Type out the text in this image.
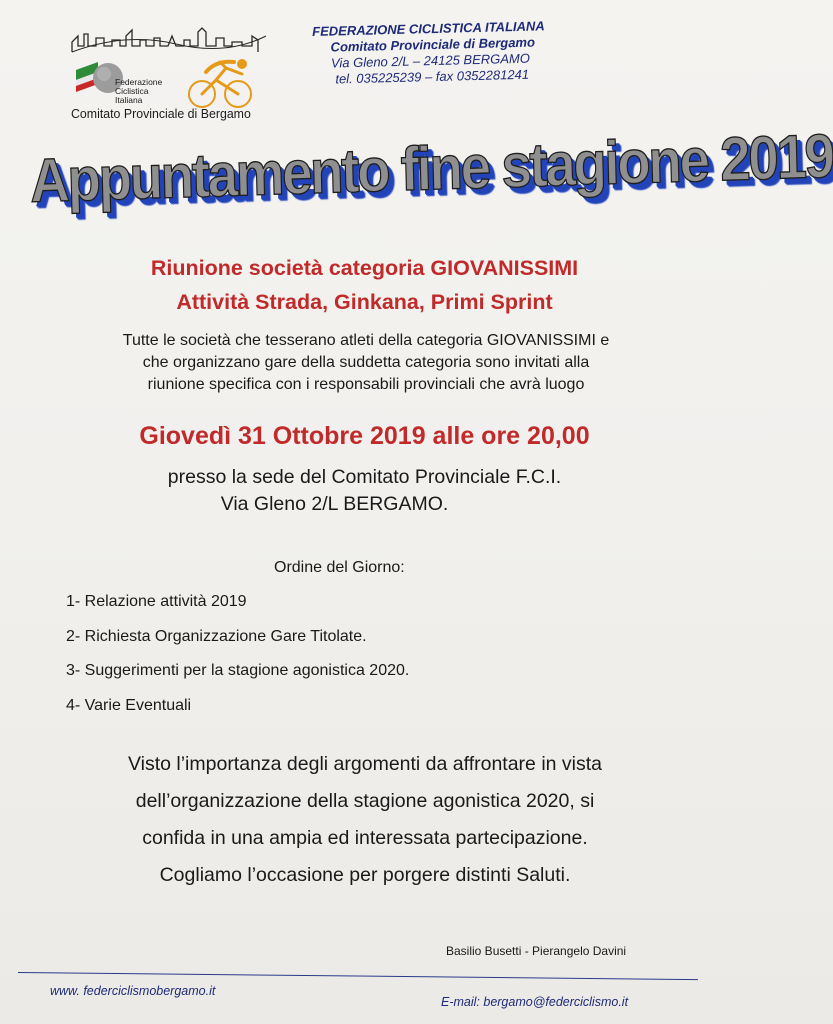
Federazione
Ciclistica
Italiana
Comitato Provinciale di Bergamo
FEDERAZIONE CICLISTICA ITALIANA
Comitato Provinciale di Bergamo
Via Gleno 2/L – 24125 BERGAMO
tel. 035225239 – fax 0352281241
Appuntamento fine stagione 2019
Riunione società categoria GIOVANISSIMI
Attività Strada, Ginkana, Primi Sprint
Tutte le società che tesserano atleti della categoria GIOVANISSIMI e
che organizzano gare della suddetta categoria sono invitati alla
riunione specifica con i responsabili provinciali che avrà luogo
Giovedì 31 Ottobre 2019 alle ore 20,00
presso la sede del Comitato Provinciale F.C.I.
Via Gleno 2/L BERGAMO.
Ordine del Giorno:
1- Relazione attività 2019
2- Richiesta Organizzazione Gare Titolate.
3- Suggerimenti per la stagione agonistica 2020.
4- Varie Eventuali
Visto l’importanza degli argomenti da affrontare in vista
dell’organizzazione della stagione agonistica 2020, si
confida in una ampia ed interessata partecipazione.
Cogliamo l’occasione per porgere distinti Saluti.
Basilio Busetti - Pierangelo Davini
www. federciclismobergamo.it
E-mail: bergamo@federciclismo.it
